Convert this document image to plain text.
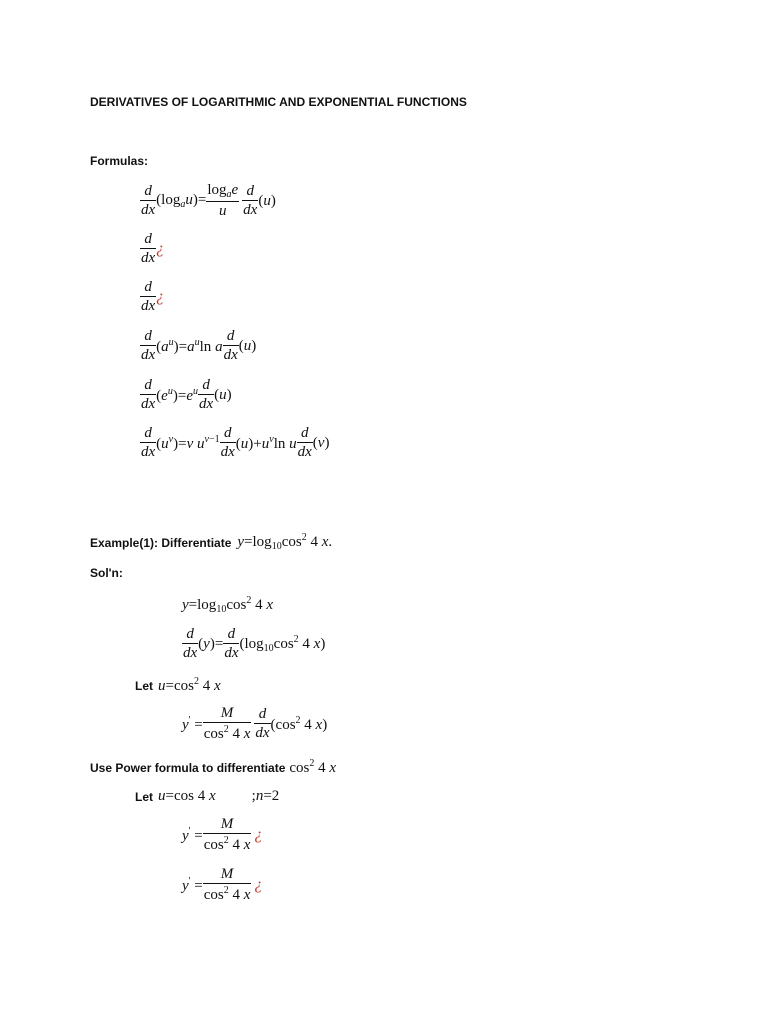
DERIVATIVES OF LOGARITHMIC AND EXPONENTIAL FUNCTIONS
Formulas:
$\frac{d}{dx} (\log_au)= \frac{\log_ae}{u} \frac{d}{dx} (u)$
$\frac{d}{dx}$ ¿
$\frac{d}{dx}$ ¿
$\frac{d}{dx} (a^u)=a^u\ln$ a $\frac{d}{dx} (u)$
$\frac{d}{dx} (e^u)=e^u \frac{d}{dx} (u)$
$\frac{d}{dx} (u^v)=v$ $u^{v-1} \frac{d}{dx} (u)+u^v\ln$ u $\frac{d}{dx} (v)$
Example(1): Differentiate $y=\log_{10}\cos^2$ 4 x.
Sol'n:
$y=\log_{10}\cos^2$ 4 x
$\frac{d}{dx} (y)= \frac{d}{dx} (\log_{10}\cos^2$ 4 x)
Let $u=\cos^2$ 4 x
$y' = \frac{M}{\cos^2 4 x} \frac{d}{dx} (\cos^2$ 4 x)
Use Power formula to differentiate $\cos^2 4$ x
Let u=cos 4 x ;n=2
$y' = \frac{M}{\cos^2 4 x}$ ¿
$y' = \frac{M}{\cos^2 4 x}$ ¿
